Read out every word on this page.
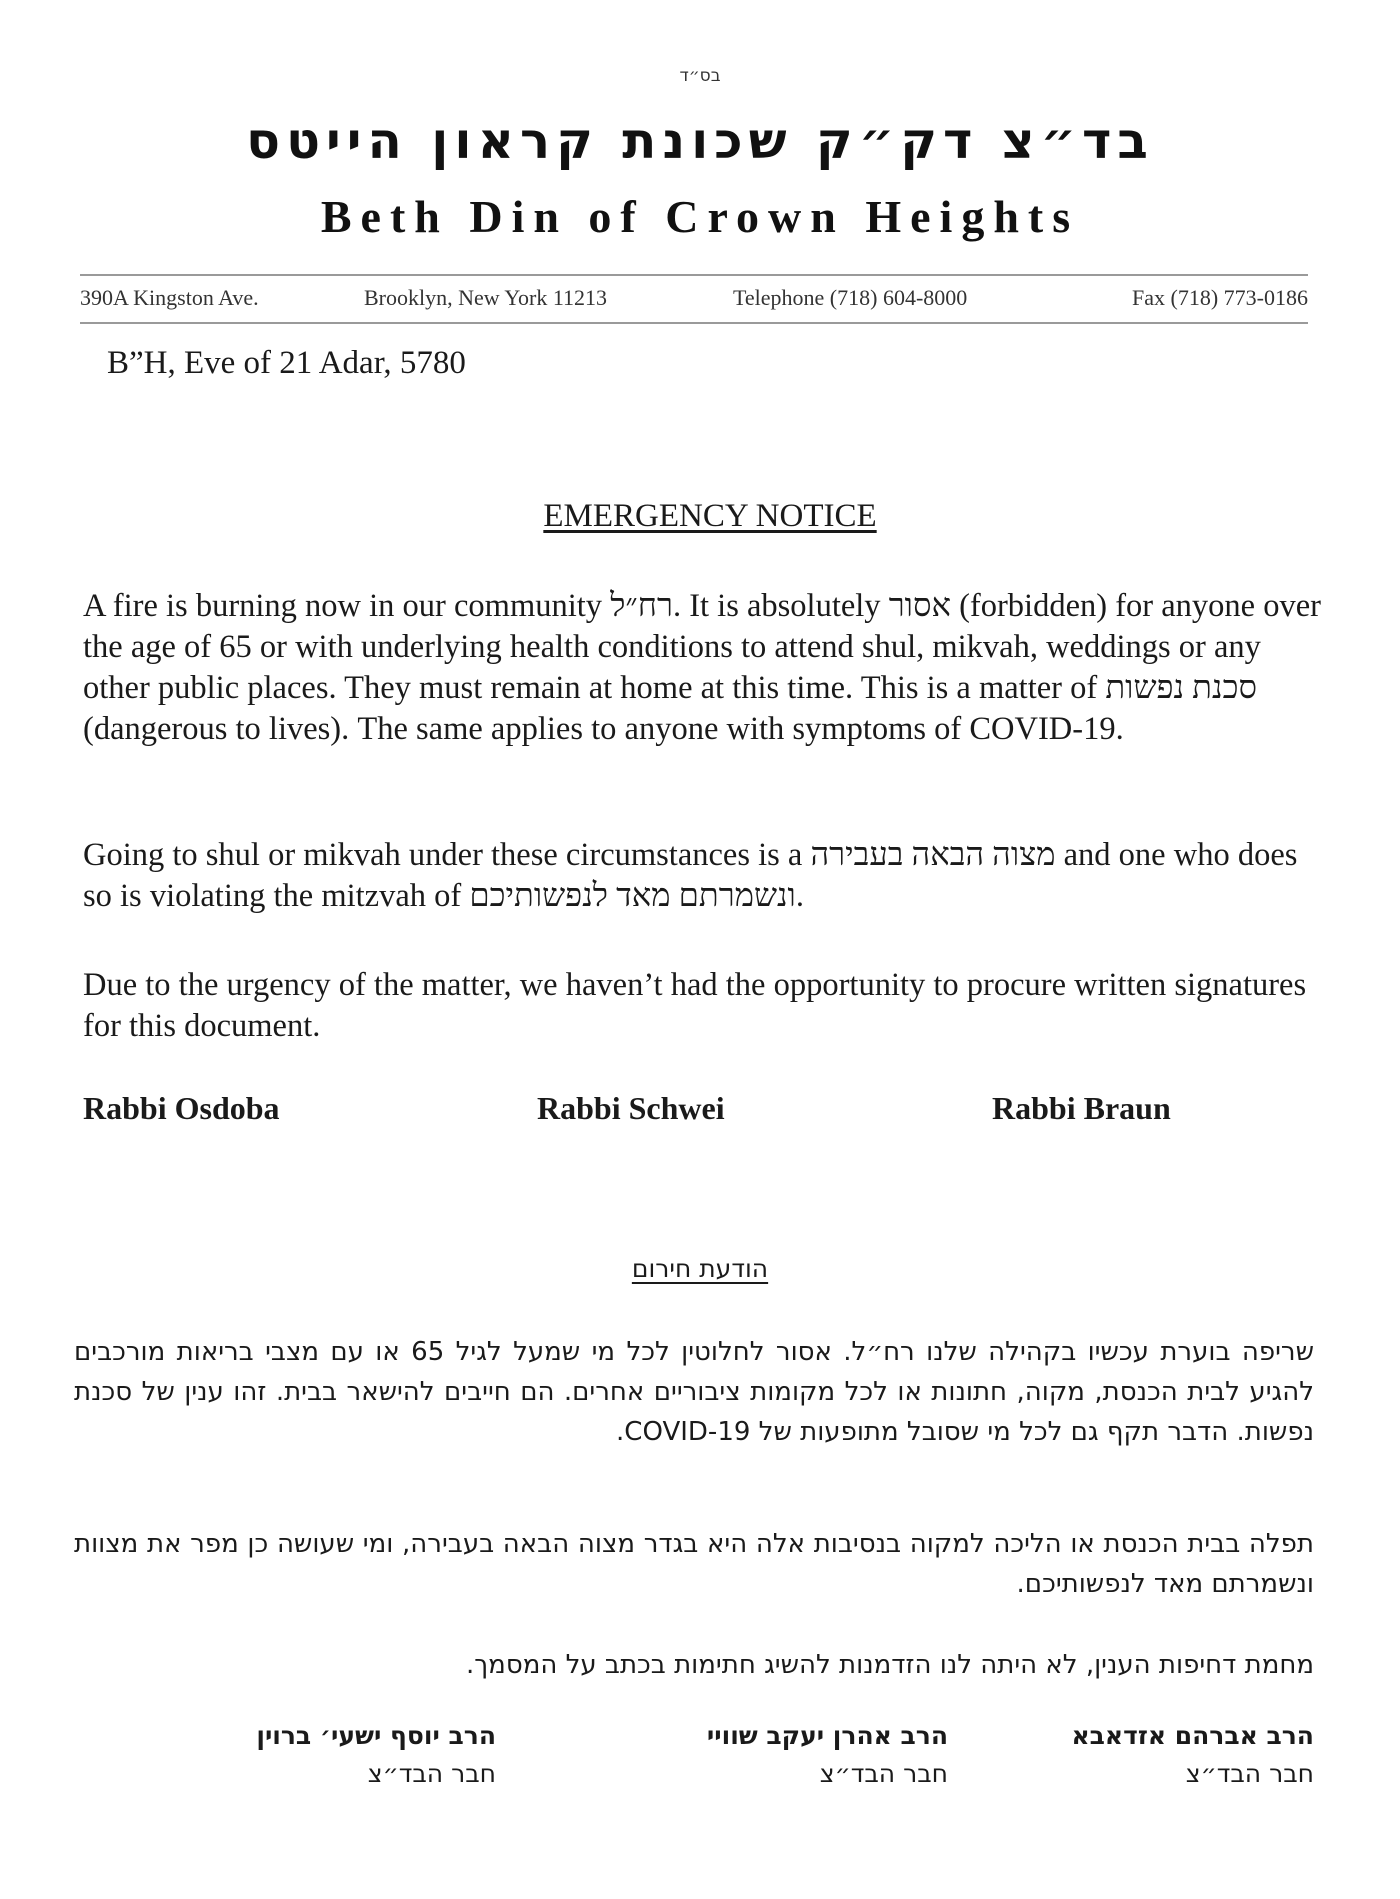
בס״ד
בד״צ דק״ק שכונת קראון הייטס
Beth Din of Crown Heights
390A Kingston Ave.	Brooklyn, New York 11213	Telephone (718) 604-8000	Fax (718) 773-0186
B”H, Eve of 21 Adar, 5780
EMERGENCY NOTICE

A fire is burning now in our community רח״ל. It is absolutely אסור (forbidden) for anyone over the age of 65 or with underlying health conditions to attend shul, mikvah, weddings or any other public places. They must remain at home at this time. This is a matter of סכנת נפשות (dangerous to lives). The same applies to anyone with symptoms of COVID-19.

Going to shul or mikvah under these circumstances is a מצוה הבאה בעבירה and one who does so is violating the mitzvah of ונשמרתם מאד לנפשותיכם.

Due to the urgency of the matter, we haven’t had the opportunity to procure written signatures for this document.

Rabbi Osdoba	Rabbi Schwei	Rabbi Braun
הודעת חירום

שריפה בוערת עכשיו בקהילה שלנו רח״ל. אסור לחלוטין לכל מי שמעל לגיל 65 או עם מצבי בריאות מורכבים להגיע לבית הכנסת, מקוה, חתונות או לכל מקומות ציבוריים אחרים. הם חייבים להישאר בבית. זהו ענין של סכנת נפשות. הדבר תקף גם לכל מי שסובל מתופעות של COVID-19.

תפלה בבית הכנסת או הליכה למקוה בנסיבות אלה היא בגדר מצוה הבאה בעבירה, ומי שעושה כן מפר את מצוות ונשמרתם מאד לנפשותיכם.

מחמת דחיפות הענין, לא היתה לנו הזדמנות להשיג חתימות בכתב על המסמך.

הרב אברהם אזדאבא
חבר הבד״צ
הרב אהרן יעקב שוויי
חבר הבד״צ
הרב יוסף ישעי׳ ברוין
חבר הבד״צ
